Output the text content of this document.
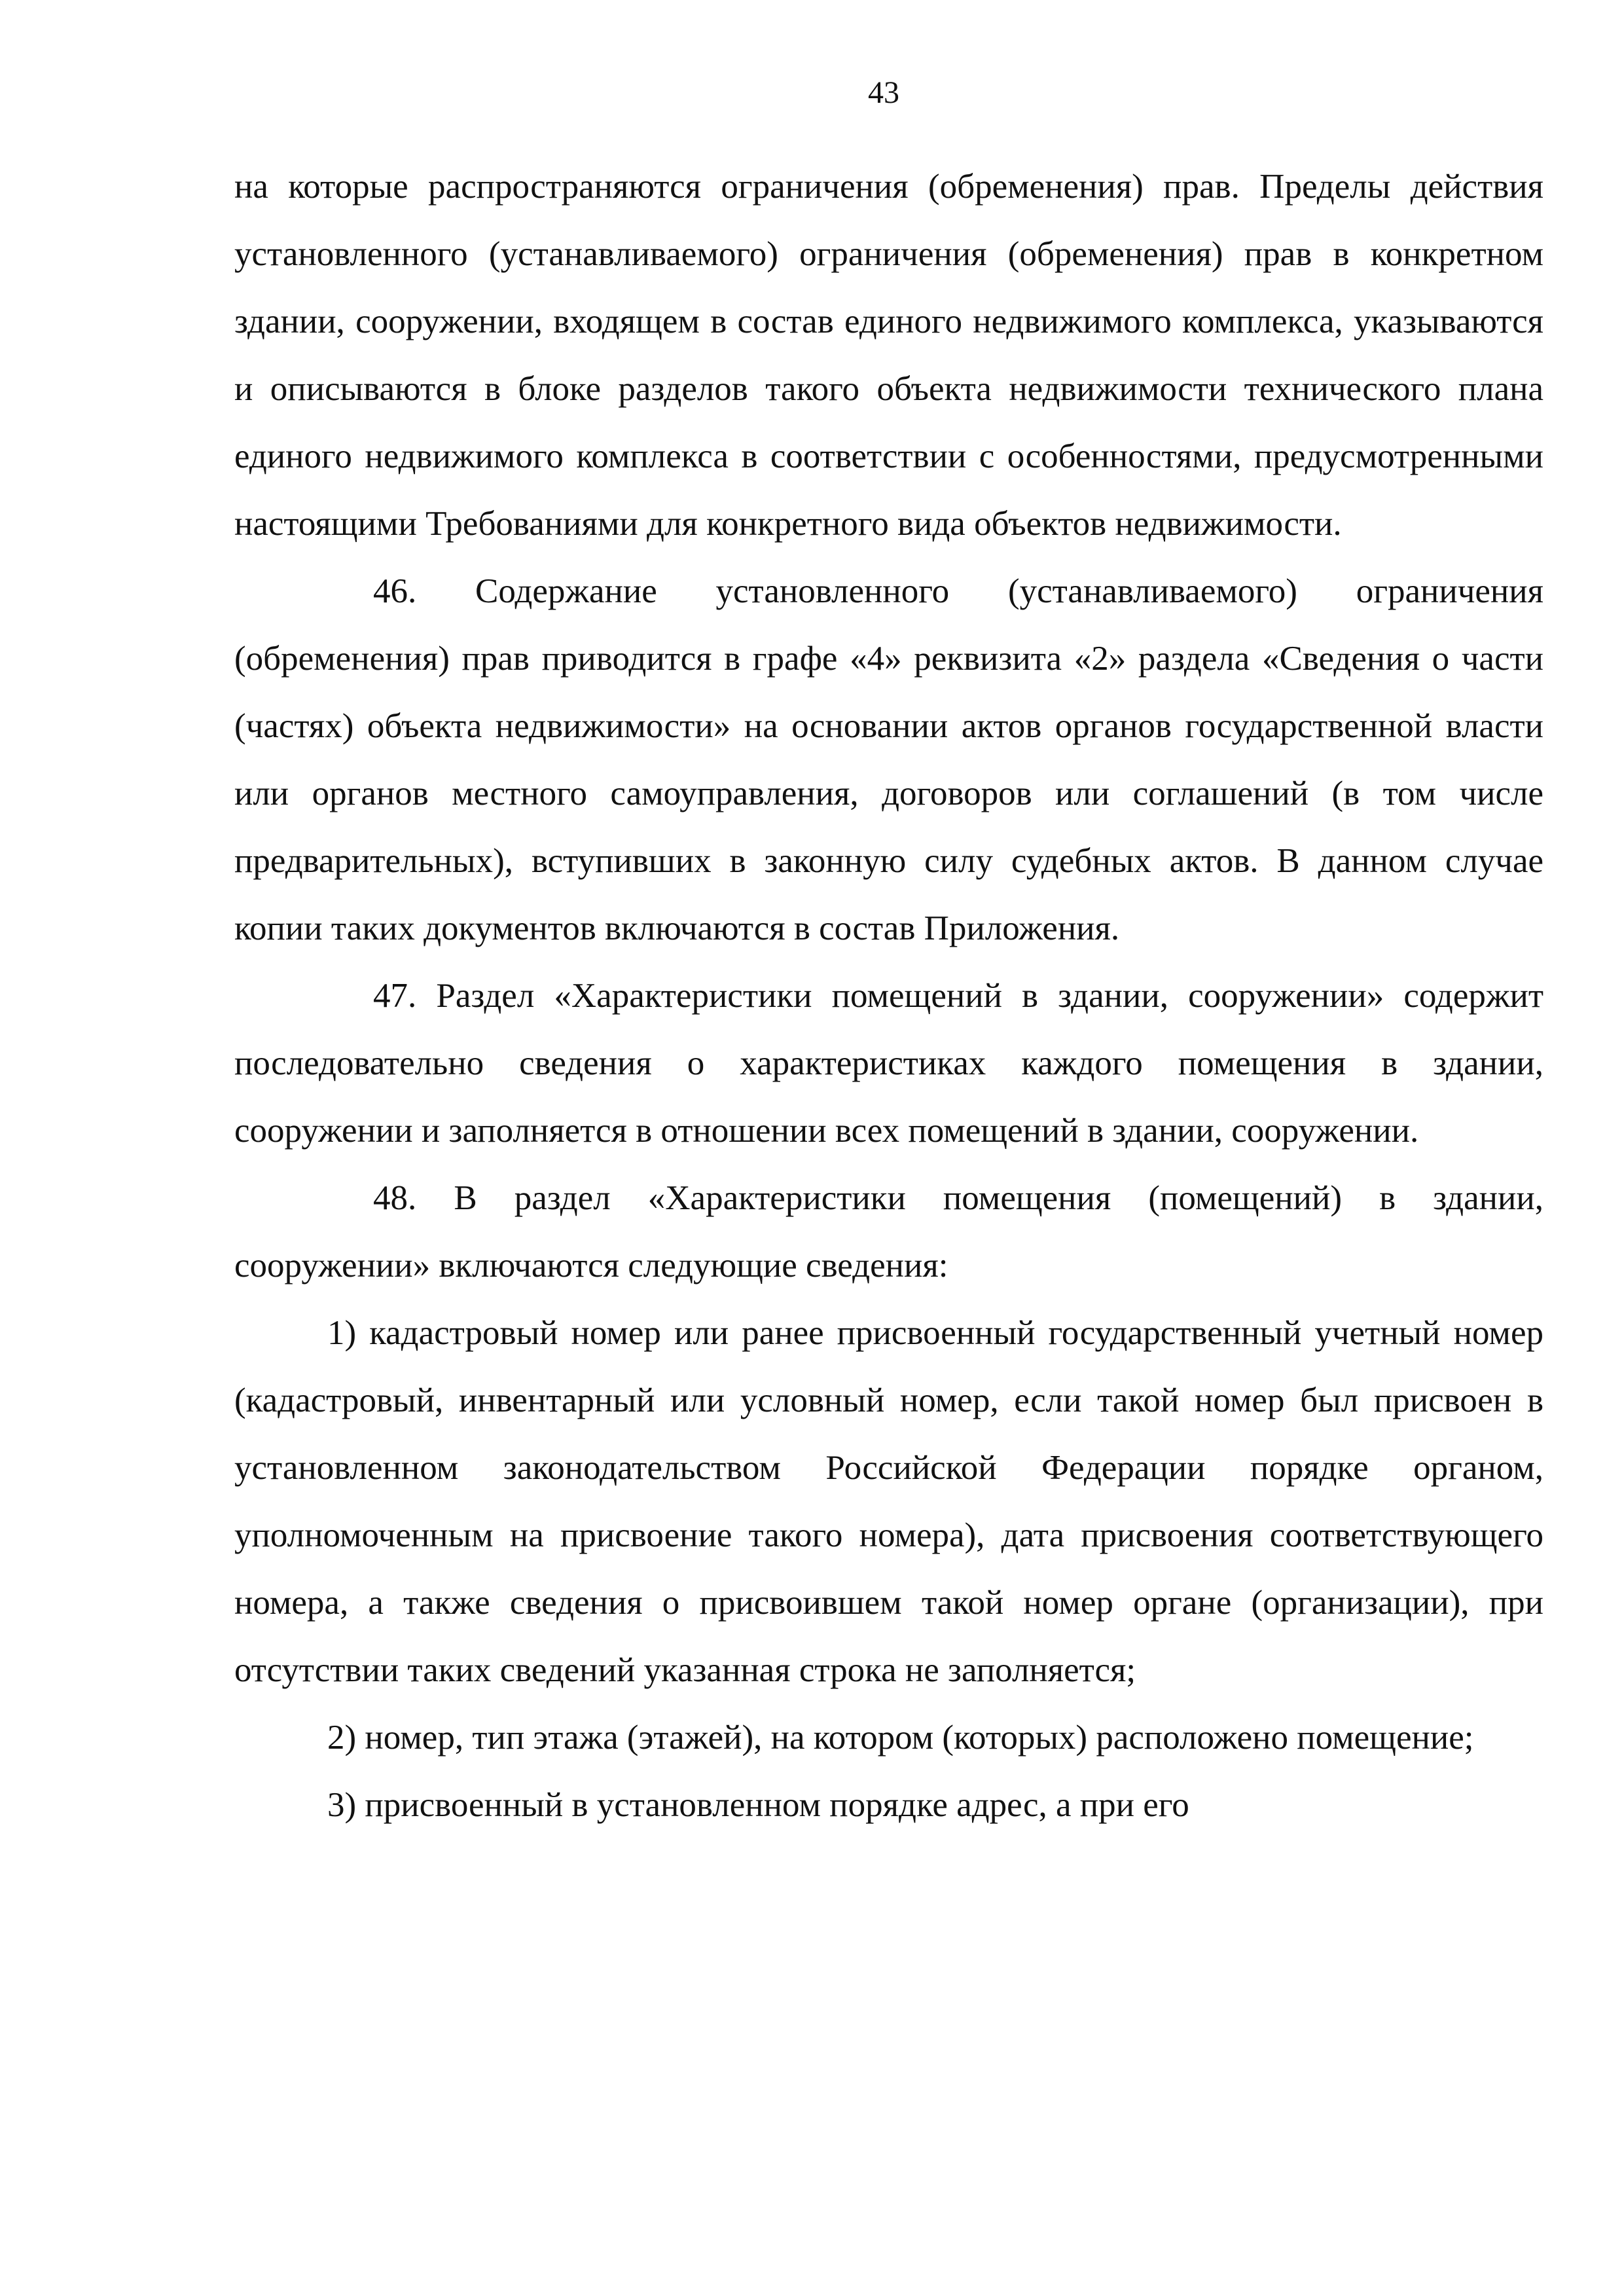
43

на которые распространяются ограничения (обременения) прав. Пределы действия установленного (устанавливаемого) ограничения (обременения) прав в конкретном здании, сооружении, входящем в состав единого недвижимого комплекса, указываются и описываются в блоке разделов такого объекта недвижимости технического плана единого недвижимого комплекса в соответствии с особенностями, предусмотренными настоящими Требованиями для конкретного вида объектов недвижимости.

46. Содержание установленного (устанавливаемого) ограничения (обременения) прав приводится в графе «4» реквизита «2» раздела «Сведения о части (частях) объекта недвижимости» на основании актов органов государственной власти или органов местного самоуправления, договоров или соглашений (в том числе предварительных), вступивших в законную силу судебных актов. В данном случае копии таких документов включаются в состав Приложения.

47. Раздел «Характеристики помещений в здании, сооружении» содержит последовательно сведения о характеристиках каждого помещения в здании, сооружении и заполняется в отношении всех помещений в здании, сооружении.

48. В раздел «Характеристики помещения (помещений) в здании, сооружении» включаются следующие сведения:

1) кадастровый номер или ранее присвоенный государственный учетный номер (кадастровый, инвентарный или условный номер, если такой номер был присвоен в установленном законодательством Российской Федерации порядке органом, уполномоченным на присвоение такого номера), дата присвоения соответствующего номера, а также сведения о присвоившем такой номер органе (организации), при отсутствии таких сведений указанная строка не заполняется;

2) номер, тип этажа (этажей), на котором (которых) расположено помещение;

3) присвоенный в установленном порядке адрес, а при его
